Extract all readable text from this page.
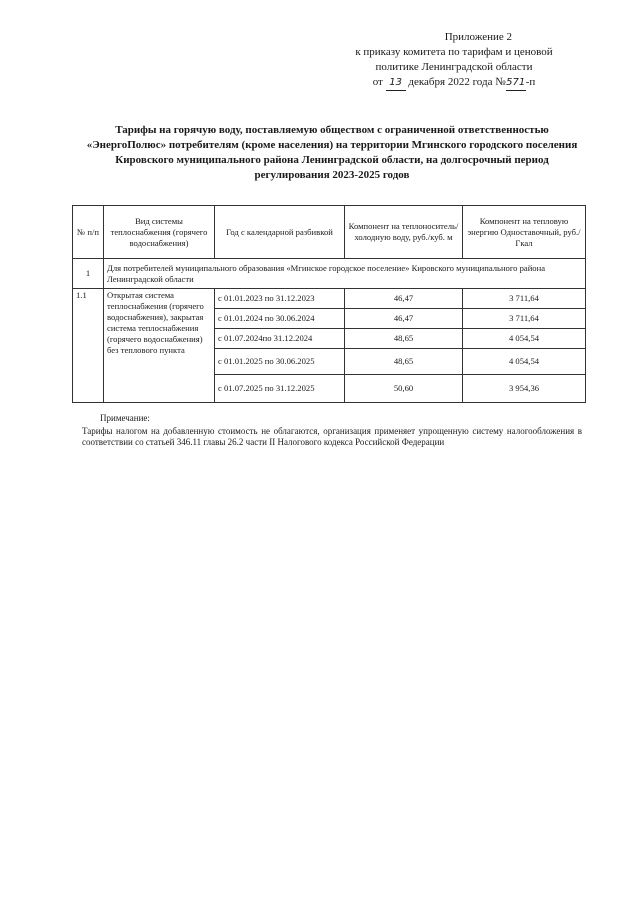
Приложение 2
к приказу комитета по тарифам и ценовой
политике Ленинградской области
от 13 декабря 2022 года №571-п
Тарифы на горячую воду, поставляемую обществом с ограниченной ответственностью «ЭнергоПолюс» потребителям (кроме населения) на территории Мгинского городского поселения Кировского муниципального района Ленинградской области, на долгосрочный период регулирования 2023-2025 годов
№ п/п	Вид системы теплоснабжения (горячего водоснабжения)	Год с календарной разбивкой	Компонент на теплоноситель/холодную воду, руб./куб. м	Компонент на тепловую энергию Одноставочный, руб./Гкал
1	Для потребителей муниципального образования «Мгинское городское поселение» Кировского муниципального района Ленинградской области			
1.1	Открытая система теплоснабжения (горячего водоснабжения), закрытая система теплоснабжения (горячего водоснабжения) без теплового пункта	с 01.01.2023 по 31.12.2023	46,47	3 711,64
		с 01.01.2024 по 30.06.2024	46,47	3 711,64
		с 01.07.2024по 31.12.2024	48,65	4 054,54
		с 01.01.2025 по 30.06.2025	48,65	4 054,54
		с 01.07.2025 по 31.12.2025	50,60	3 954,36
Примечание:
Тарифы налогом на добавленную стоимость не облагаются, организация применяет упрощенную систему налогообложения в соответствии со статьей 346.11 главы 26.2 части II Налогового кодекса Российской Федерации
